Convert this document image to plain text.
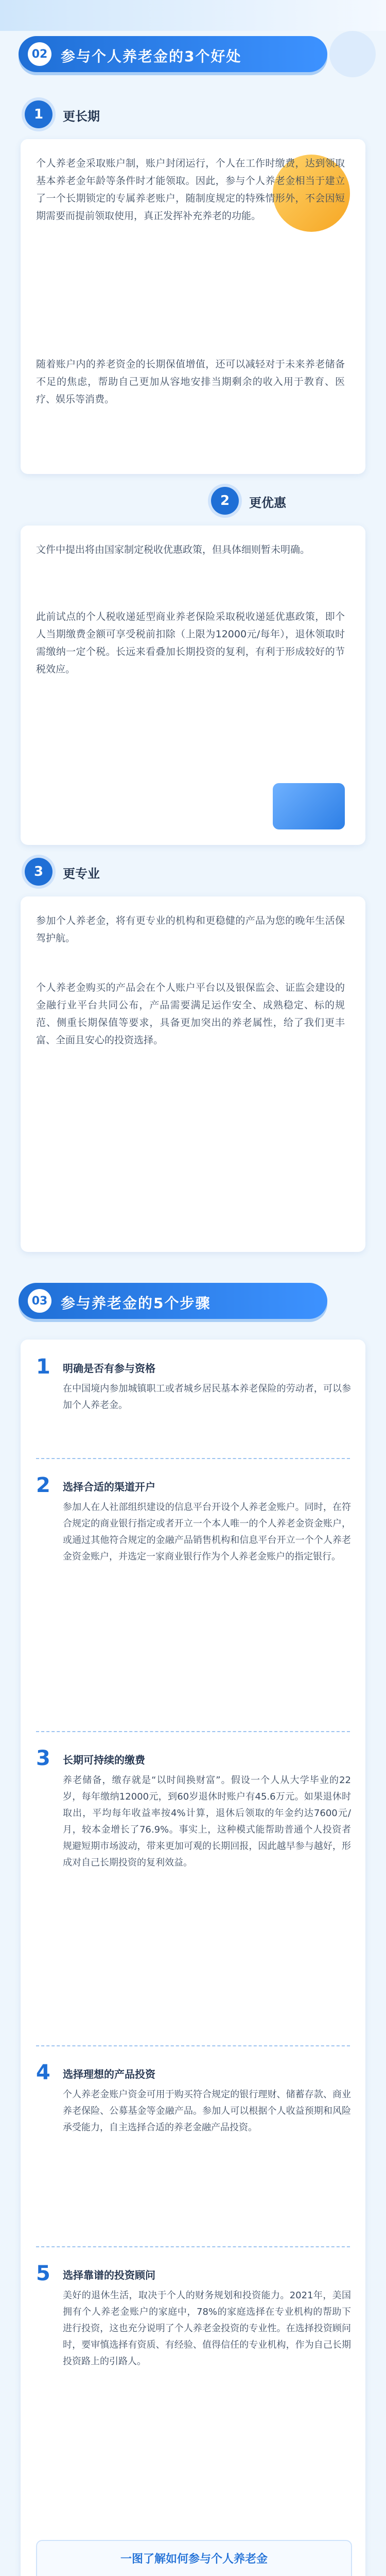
02 参与个人养老金的3个好处
1	更长期
个人养老金采取账户制，账户封闭运行，个人在工作时缴费，达到领取基本养老金年龄等条件时才能领取。因此，参与个人养老金相当于建立了一个长期锁定的专属养老账户，随制度规定的特殊情形外，不会因短期需要而提前领取使用，真正发挥补充养老的功能。
随着账户内的养老资金的长期保值增值，还可以减轻对于未来养老储备不足的焦虑，帮助自己更加从容地安排当期剩余的收入用于教育、医疗、娱乐等消费。
2	更优惠
文件中提出将由国家制定税收优惠政策，但具体细则暂未明确。
此前试点的个人税收递延型商业养老保险采取税收递延优惠政策，即个人当期缴费金额可享受税前扣除（上限为12000元/每年），退休领取时需缴纳一定个税。长远来看叠加长期投资的复利，有利于形成较好的节税效应。
3	更专业
参加个人养老金，将有更专业的机构和更稳健的产品为您的晚年生活保驾护航。
个人养老金购买的产品会在个人账户平台以及银保监会、证监会建设的金融行业平台共同公布，产品需要满足运作安全、成熟稳定、标的规范、侧重长期保值等要求，具备更加突出的养老属性，给了我们更丰富、全面且安心的投资选择。
03 参与养老金的5个步骤
1 明确是否有参与资格
在中国境内参加城镇职工或者城乡居民基本养老保险的劳动者，可以参加个人养老金。
2 选择合适的渠道开户
参加人在人社部组织建设的信息平台开设个人养老金账户。同时，在符合规定的商业银行指定或者开立一个本人唯一的个人养老金资金账户，或通过其他符合规定的金融产品销售机构和信息平台开立一个个人养老金资金账户，并选定一家商业银行作为个人养老金账户的指定银行。
3 长期可持续的缴费
养老储备，缴存就是“以时间换财富”。假设一个人从大学毕业的22岁，每年缴纳12000元，到60岁退休时账户有45.6万元。如果退休时取出，平均每年收益率按4%计算，退休后领取的年金约达7600元/月，较本金增长了76.9%。事实上，这种模式能帮助普通个人投资者规避短期市场波动，带来更加可观的长期回报，因此越早参与越好，形成对自己长期投资的复利效益。
4 选择理想的产品投资
个人养老金账户资金可用于购买符合规定的银行理财、储蓄存款、商业养老保险、公募基金等金融产品。参加人可以根据个人收益预期和风险承受能力，自主选择合适的养老金融产品投资。
5 选择靠谱的投资顾问
美好的退休生活，取决于个人的财务规划和投资能力。2021年，美国拥有个人养老金账户的家庭中，78%的家庭选择在专业机构的帮助下进行投资，这也充分说明了个人养老金投资的专业性。在选择投资顾问时，要审慎选择有资质、有经验、值得信任的专业机构，作为自己长期投资路上的引路人。
一图了解如何参与个人养老金
